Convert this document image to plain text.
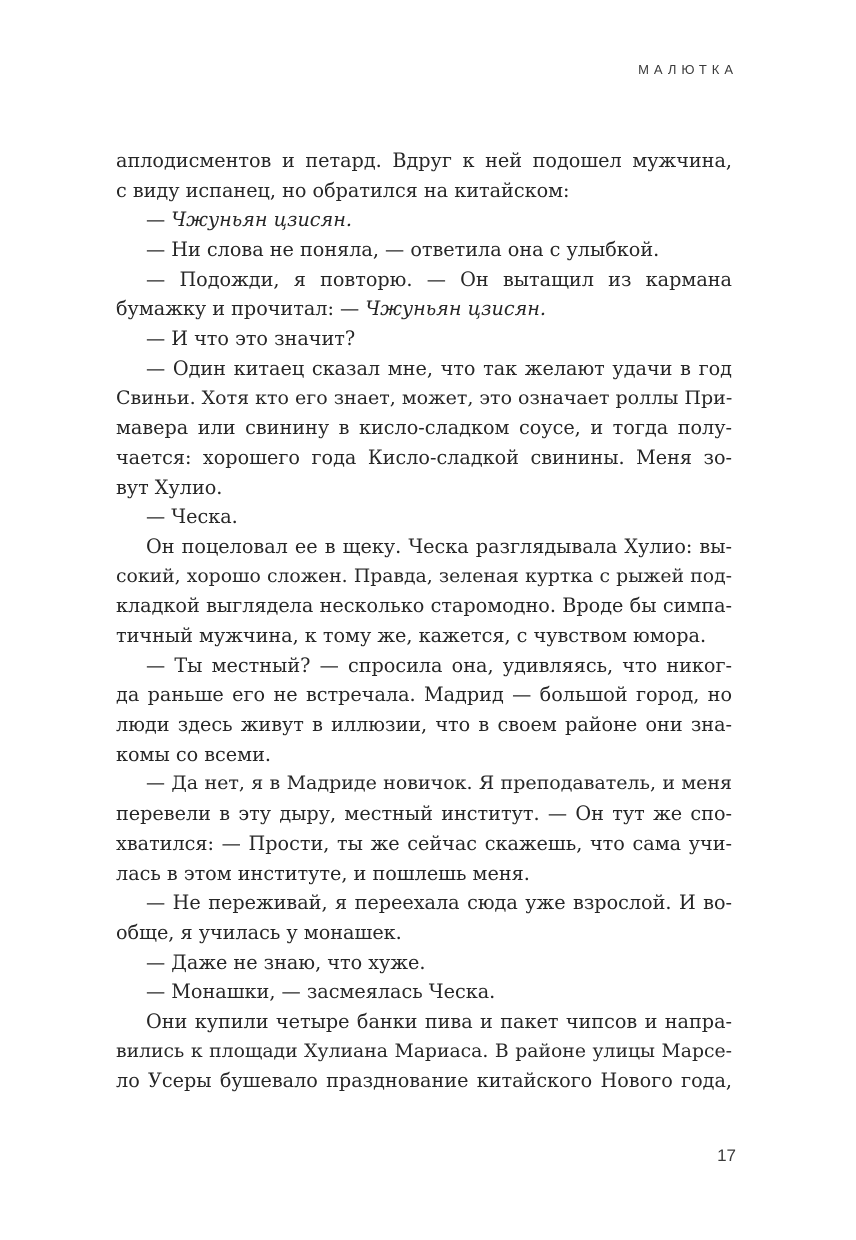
МАЛЮТКА
аплодисментов и петард. Вдруг к ней подошел мужчина,
с виду испанец, но обратился на китайском:
— Чжуньян цзисян.
— Ни слова не поняла, — ответила она с улыбкой.
— Подожди, я повторю. — Он вытащил из кармана
бумажку и прочитал: — Чжуньян цзисян.
— И что это значит?
— Один китаец сказал мне, что так желают удачи в год
Свиньи. Хотя кто его знает, может, это означает роллы При-
мавера или свинину в кисло-сладком соусе, и тогда полу-
чается: хорошего года Кисло-сладкой свинины. Меня зо-
вут Хулио.
— Ческа.
Он поцеловал ее в щеку. Ческа разглядывала Хулио: вы-
сокий, хорошо сложен. Правда, зеленая куртка с рыжей под-
кладкой выглядела несколько старомодно. Вроде бы симпа-
тичный мужчина, к тому же, кажется, с чувством юмора.
— Ты местный? — спросила она, удивляясь, что никог-
да раньше его не встречала. Мадрид — большой город, но
люди здесь живут в иллюзии, что в своем районе они зна-
комы со всеми.
— Да нет, я в Мадриде новичок. Я преподаватель, и меня
перевели в эту дыру, местный институт. — Он тут же спо-
хватился: — Прости, ты же сейчас скажешь, что сама учи-
лась в этом институте, и пошлешь меня.
— Не переживай, я переехала сюда уже взрослой. И во-
обще, я училась у монашек.
— Даже не знаю, что хуже.
— Монашки, — засмеялась Ческа.
Они купили четыре банки пива и пакет чипсов и напра-
вились к площади Хулиана Мариаса. В районе улицы Марсе-
ло Усеры бушевало празднование китайского Нового года,
17
